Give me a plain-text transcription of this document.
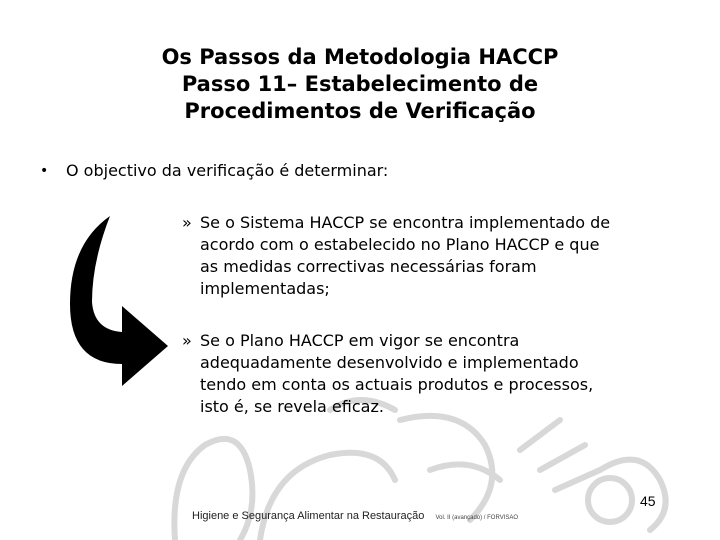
Os Passos da Metodologia HACCP
Passo 11– Estabelecimento de
Procedimentos de Verificação
• O objectivo da verificação é determinar:
» Se o Sistema HACCP se encontra implementado de
acordo com o estabelecido no Plano HACCP e que
as medidas correctivas necessárias foram
implementadas;
» Se o Plano HACCP em vigor se encontra
adequadamente desenvolvido e implementado
tendo em conta os actuais produtos e processos,
isto é, se revela eficaz.
45
Higiene e Segurança Alimentar na Restauração Vol. II (avançado) / FORVISAO
